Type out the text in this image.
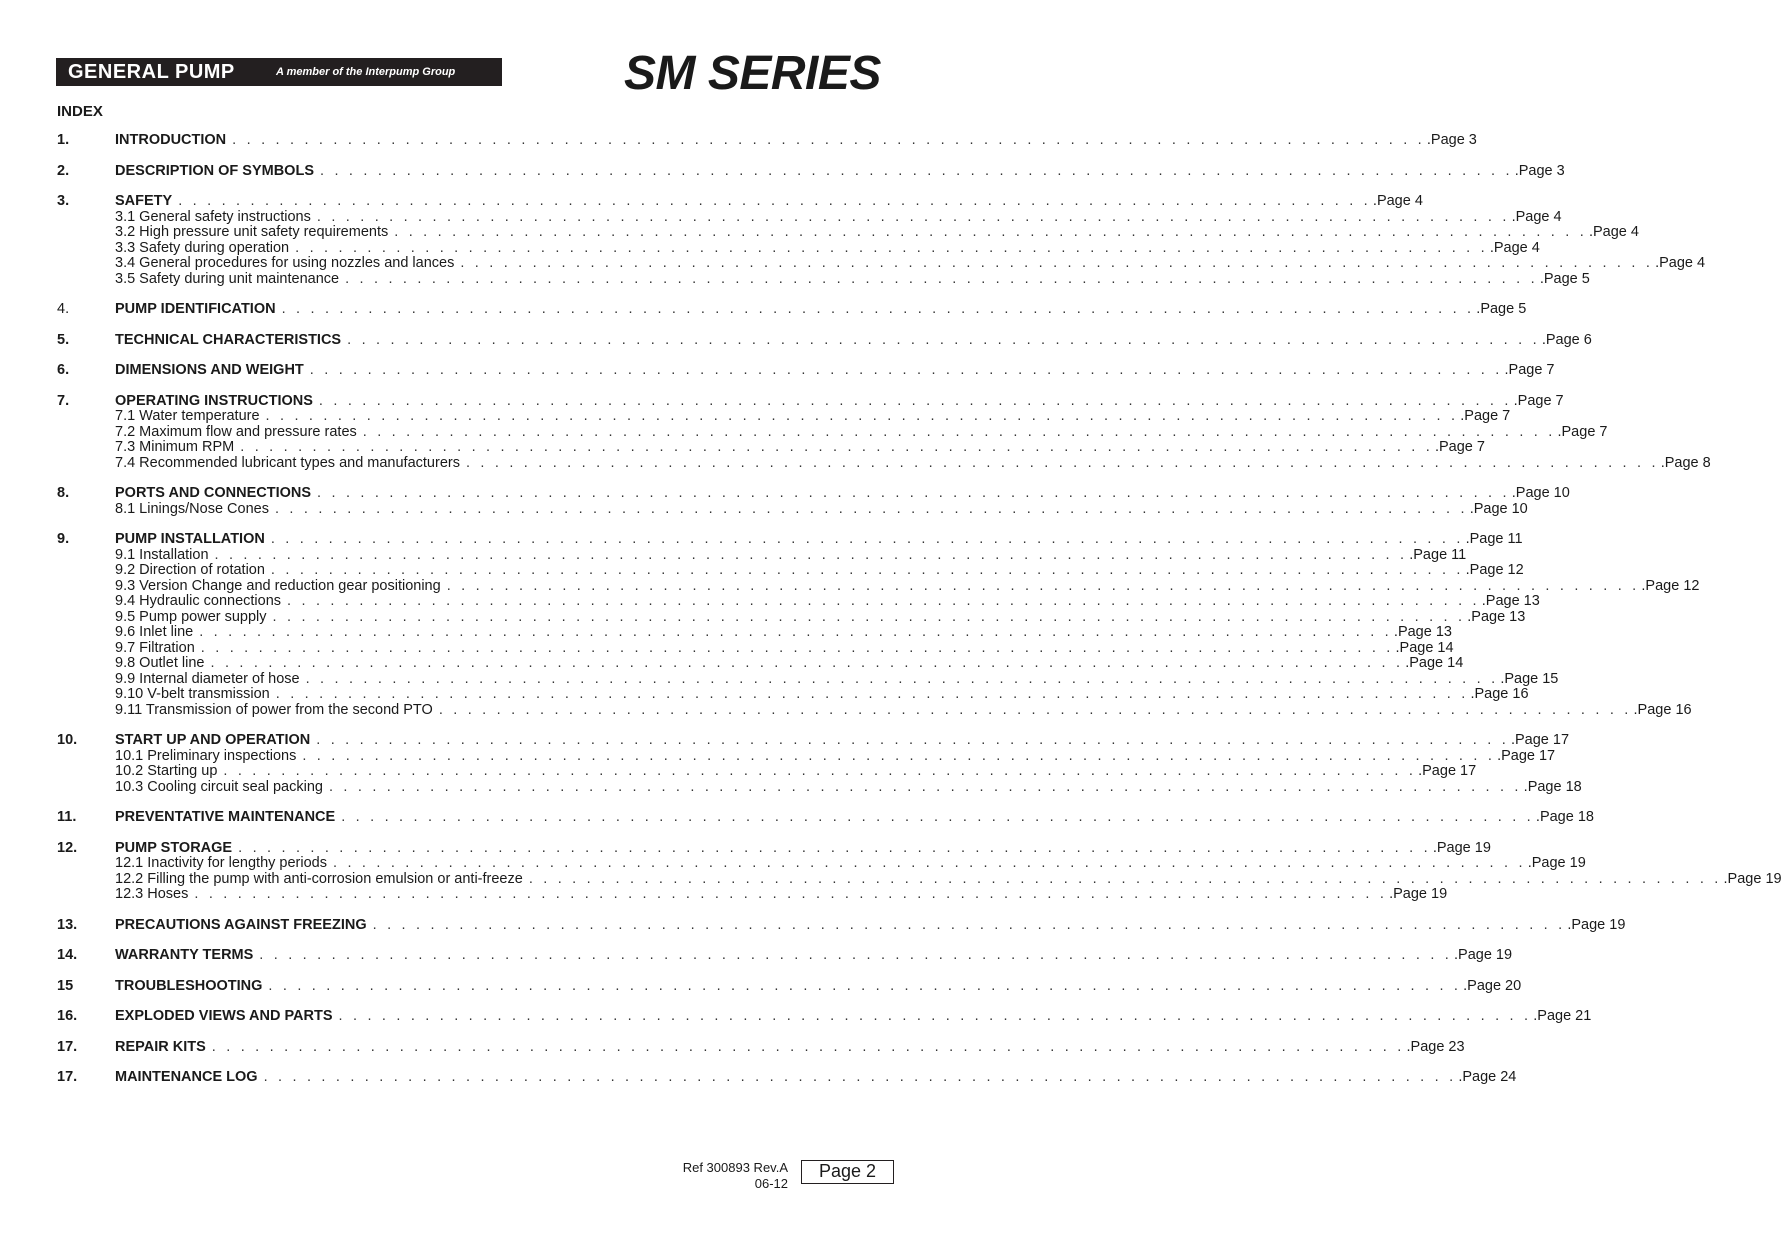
GENERAL PUMP	A member of the Interpump Group	SM SERIES
INDEX
1.	INTRODUCTION . . . . . . . . . . . . . . . . . . . . . . . . . . . . . . . . . . . . . . . . . . . . . . . . . . . . . . . . . . . . . . . . . . . . . . . . . . . . . . . . . . . .Page 3
2.	DESCRIPTION OF SYMBOLS . . . . . . . . . . . . . . . . . . . . . . . . . . . . . . . . . . . . . . . . . . . . . . . . . . . . . . . . . . . . . . . . . . . . . . . . . . . . . . . . . . . .Page 3
3.	SAFETY . . . . . . . . . . . . . . . . . . . . . . . . . . . . . . . . . . . . . . . . . . . . . . . . . . . . . . . . . . . . . . . . . . . . . . . . . . . . . . . . . . . .Page 4
3.1 General safety instructions . . . . . . . . . . . . . . . . . . . . . . . . . . . . . . . . . . . . . . . . . . . . . . . . . . . . . . . . . . . . . . . . . . . . . . . . . . . . . . . . . . . .Page 4
3.2 High pressure unit safety requirements . . . . . . . . . . . . . . . . . . . . . . . . . . . . . . . . . . . . . . . . . . . . . . . . . . . . . . . . . . . . . . . . . . . . . . . . . . . . . . . . . . . .Page 4
3.3 Safety during operation . . . . . . . . . . . . . . . . . . . . . . . . . . . . . . . . . . . . . . . . . . . . . . . . . . . . . . . . . . . . . . . . . . . . . . . . . . . . . . . . . . . .Page 4
3.4 General procedures for using nozzles and lances . . . . . . . . . . . . . . . . . . . . . . . . . . . . . . . . . . . . . . . . . . . . . . . . . . . . . . . . . . . . . . . . . . . . . . . . . . . . . . . . . . . .Page 4
3.5 Safety during unit maintenance . . . . . . . . . . . . . . . . . . . . . . . . . . . . . . . . . . . . . . . . . . . . . . . . . . . . . . . . . . . . . . . . . . . . . . . . . . . . . . . . . . . .Page 5
4.	PUMP IDENTIFICATION . . . . . . . . . . . . . . . . . . . . . . . . . . . . . . . . . . . . . . . . . . . . . . . . . . . . . . . . . . . . . . . . . . . . . . . . . . . . . . . . . . . .Page 5
5.	TECHNICAL CHARACTERISTICS . . . . . . . . . . . . . . . . . . . . . . . . . . . . . . . . . . . . . . . . . . . . . . . . . . . . . . . . . . . . . . . . . . . . . . . . . . . . . . . . . . . .Page 6
6.	DIMENSIONS AND WEIGHT . . . . . . . . . . . . . . . . . . . . . . . . . . . . . . . . . . . . . . . . . . . . . . . . . . . . . . . . . . . . . . . . . . . . . . . . . . . . . . . . . . . .Page 7
7.	OPERATING INSTRUCTIONS . . . . . . . . . . . . . . . . . . . . . . . . . . . . . . . . . . . . . . . . . . . . . . . . . . . . . . . . . . . . . . . . . . . . . . . . . . . . . . . . . . . .Page 7
7.1 Water temperature . . . . . . . . . . . . . . . . . . . . . . . . . . . . . . . . . . . . . . . . . . . . . . . . . . . . . . . . . . . . . . . . . . . . . . . . . . . . . . . . . . . .Page 7
7.2 Maximum flow and pressure rates . . . . . . . . . . . . . . . . . . . . . . . . . . . . . . . . . . . . . . . . . . . . . . . . . . . . . . . . . . . . . . . . . . . . . . . . . . . . . . . . . . . .Page 7
7.3 Minimum RPM . . . . . . . . . . . . . . . . . . . . . . . . . . . . . . . . . . . . . . . . . . . . . . . . . . . . . . . . . . . . . . . . . . . . . . . . . . . . . . . . . . . .Page 7
7.4 Recommended lubricant types and manufacturers . . . . . . . . . . . . . . . . . . . . . . . . . . . . . . . . . . . . . . . . . . . . . . . . . . . . . . . . . . . . . . . . . . . . . . . . . . . . . . . . . . . .Page 8
8.	PORTS AND CONNECTIONS . . . . . . . . . . . . . . . . . . . . . . . . . . . . . . . . . . . . . . . . . . . . . . . . . . . . . . . . . . . . . . . . . . . . . . . . . . . . . . . . . . . .Page 10
8.1 Linings/Nose Cones . . . . . . . . . . . . . . . . . . . . . . . . . . . . . . . . . . . . . . . . . . . . . . . . . . . . . . . . . . . . . . . . . . . . . . . . . . . . . . . . . . . .Page 10
9.	PUMP INSTALLATION . . . . . . . . . . . . . . . . . . . . . . . . . . . . . . . . . . . . . . . . . . . . . . . . . . . . . . . . . . . . . . . . . . . . . . . . . . . . . . . . . . . .Page 11
9.1 Installation . . . . . . . . . . . . . . . . . . . . . . . . . . . . . . . . . . . . . . . . . . . . . . . . . . . . . . . . . . . . . . . . . . . . . . . . . . . . . . . . . . . .Page 11
9.2 Direction of rotation . . . . . . . . . . . . . . . . . . . . . . . . . . . . . . . . . . . . . . . . . . . . . . . . . . . . . . . . . . . . . . . . . . . . . . . . . . . . . . . . . . . .Page 12
9.3 Version Change and reduction gear positioning . . . . . . . . . . . . . . . . . . . . . . . . . . . . . . . . . . . . . . . . . . . . . . . . . . . . . . . . . . . . . . . . . . . . . . . . . . . . . . . . . . . .Page 12
9.4 Hydraulic connections . . . . . . . . . . . . . . . . . . . . . . . . . . . . . . . . . . . . . . . . . . . . . . . . . . . . . . . . . . . . . . . . . . . . . . . . . . . . . . . . . . . .Page 13
9.5 Pump power supply . . . . . . . . . . . . . . . . . . . . . . . . . . . . . . . . . . . . . . . . . . . . . . . . . . . . . . . . . . . . . . . . . . . . . . . . . . . . . . . . . . . .Page 13
9.6 Inlet line . . . . . . . . . . . . . . . . . . . . . . . . . . . . . . . . . . . . . . . . . . . . . . . . . . . . . . . . . . . . . . . . . . . . . . . . . . . . . . . . . . . .Page 13
9.7 Filtration . . . . . . . . . . . . . . . . . . . . . . . . . . . . . . . . . . . . . . . . . . . . . . . . . . . . . . . . . . . . . . . . . . . . . . . . . . . . . . . . . . . .Page 14
9.8 Outlet line . . . . . . . . . . . . . . . . . . . . . . . . . . . . . . . . . . . . . . . . . . . . . . . . . . . . . . . . . . . . . . . . . . . . . . . . . . . . . . . . . . . .Page 14
9.9 Internal diameter of hose . . . . . . . . . . . . . . . . . . . . . . . . . . . . . . . . . . . . . . . . . . . . . . . . . . . . . . . . . . . . . . . . . . . . . . . . . . . . . . . . . . . .Page 15
9.10 V-belt transmission . . . . . . . . . . . . . . . . . . . . . . . . . . . . . . . . . . . . . . . . . . . . . . . . . . . . . . . . . . . . . . . . . . . . . . . . . . . . . . . . . . . .Page 16
9.11 Transmission of power from the second PTO . . . . . . . . . . . . . . . . . . . . . . . . . . . . . . . . . . . . . . . . . . . . . . . . . . . . . . . . . . . . . . . . . . . . . . . . . . . . . . . . . . . .Page 16
10.	START UP AND OPERATION . . . . . . . . . . . . . . . . . . . . . . . . . . . . . . . . . . . . . . . . . . . . . . . . . . . . . . . . . . . . . . . . . . . . . . . . . . . . . . . . . . . .Page 17
10.1 Preliminary inspections . . . . . . . . . . . . . . . . . . . . . . . . . . . . . . . . . . . . . . . . . . . . . . . . . . . . . . . . . . . . . . . . . . . . . . . . . . . . . . . . . . . .Page 17
10.2 Starting up . . . . . . . . . . . . . . . . . . . . . . . . . . . . . . . . . . . . . . . . . . . . . . . . . . . . . . . . . . . . . . . . . . . . . . . . . . . . . . . . . . . .Page 17
10.3 Cooling circuit seal packing . . . . . . . . . . . . . . . . . . . . . . . . . . . . . . . . . . . . . . . . . . . . . . . . . . . . . . . . . . . . . . . . . . . . . . . . . . . . . . . . . . . .Page 18
11.	PREVENTATIVE MAINTENANCE . . . . . . . . . . . . . . . . . . . . . . . . . . . . . . . . . . . . . . . . . . . . . . . . . . . . . . . . . . . . . . . . . . . . . . . . . . . . . . . . . . . .Page 18
12.	PUMP STORAGE . . . . . . . . . . . . . . . . . . . . . . . . . . . . . . . . . . . . . . . . . . . . . . . . . . . . . . . . . . . . . . . . . . . . . . . . . . . . . . . . . . . .Page 19
12.1 Inactivity for lengthy periods . . . . . . . . . . . . . . . . . . . . . . . . . . . . . . . . . . . . . . . . . . . . . . . . . . . . . . . . . . . . . . . . . . . . . . . . . . . . . . . . . . . .Page 19
12.2 Filling the pump with anti-corrosion emulsion or anti-freeze . . . . . . . . . . . . . . . . . . . . . . . . . . . . . . . . . . . . . . . . . . . . . . . . . . . . . . . . . . . . . . . . . . . . . . . . . . . . . . . . . . . .Page 19
12.3 Hoses . . . . . . . . . . . . . . . . . . . . . . . . . . . . . . . . . . . . . . . . . . . . . . . . . . . . . . . . . . . . . . . . . . . . . . . . . . . . . . . . . . . .Page 19
13.	PRECAUTIONS AGAINST FREEZING . . . . . . . . . . . . . . . . . . . . . . . . . . . . . . . . . . . . . . . . . . . . . . . . . . . . . . . . . . . . . . . . . . . . . . . . . . . . . . . . . . . .Page 19
14.	WARRANTY TERMS . . . . . . . . . . . . . . . . . . . . . . . . . . . . . . . . . . . . . . . . . . . . . . . . . . . . . . . . . . . . . . . . . . . . . . . . . . . . . . . . . . . .Page 19
15	TROUBLESHOOTING . . . . . . . . . . . . . . . . . . . . . . . . . . . . . . . . . . . . . . . . . . . . . . . . . . . . . . . . . . . . . . . . . . . . . . . . . . . . . . . . . . . .Page 20
16.	EXPLODED VIEWS AND PARTS . . . . . . . . . . . . . . . . . . . . . . . . . . . . . . . . . . . . . . . . . . . . . . . . . . . . . . . . . . . . . . . . . . . . . . . . . . . . . . . . . . . .Page 21
17.	REPAIR KITS . . . . . . . . . . . . . . . . . . . . . . . . . . . . . . . . . . . . . . . . . . . . . . . . . . . . . . . . . . . . . . . . . . . . . . . . . . . . . . . . . . . .Page 23
17.	MAINTENANCE LOG . . . . . . . . . . . . . . . . . . . . . . . . . . . . . . . . . . . . . . . . . . . . . . . . . . . . . . . . . . . . . . . . . . . . . . . . . . . . . . . . . . . .Page 24
Ref 300893 Rev.A
06-12
Page 2
